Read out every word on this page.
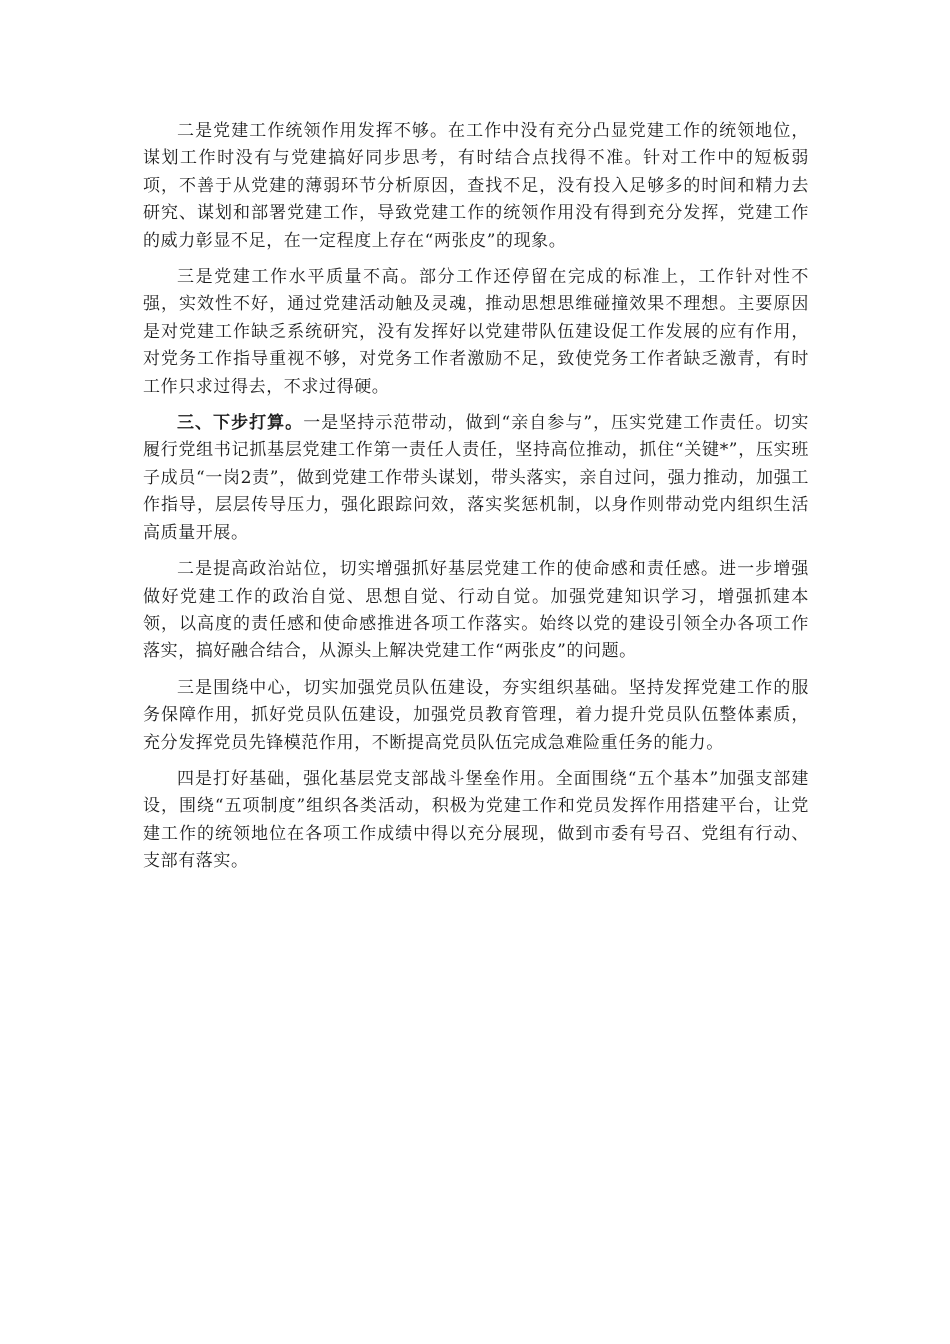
二是党建工作统领作用发挥不够。在工作中没有充分凸显党建工作的统领地位，谋划工作时没有与党建搞好同步思考，有时结合点找得不准。针对工作中的短板弱项，不善于从党建的薄弱环节分析原因，查找不足，没有投入足够多的时间和精力去研究、谋划和部署党建工作，导致党建工作的统领作用没有得到充分发挥，党建工作的威力彰显不足，在一定程度上存在“两张皮”的现象。

三是党建工作水平质量不高。部分工作还停留在完成的标准上，工作针对性不强，实效性不好，通过党建活动触及灵魂，推动思想思维碰撞效果不理想。主要原因是对党建工作缺乏系统研究，没有发挥好以党建带队伍建设促工作发展的应有作用，对党务工作指导重视不够，对党务工作者激励不足，致使党务工作者缺乏激青，有时工作只求过得去，不求过得硬。

三、下步打算。一是坚持示范带动，做到“亲自参与”，压实党建工作责任。切实履行党组书记抓基层党建工作第一责任人责任，坚持高位推动，抓住“关键*”，压实班子成员“一岗2责”，做到党建工作带头谋划，带头落实，亲自过问，强力推动，加强工作指导，层层传导压力，强化跟踪问效，落实奖惩机制，以身作则带动党内组织生活高质量开展。

二是提高政治站位，切实增强抓好基层党建工作的使命感和责任感。进一步增强做好党建工作的政治自觉、思想自觉、行动自觉。加强党建知识学习，增强抓建本领，以高度的责任感和使命感推进各项工作落实。始终以党的建设引领全办各项工作落实，搞好融合结合，从源头上解决党建工作“两张皮”的问题。

三是围绕中心，切实加强党员队伍建设，夯实组织基础。坚持发挥党建工作的服务保障作用，抓好党员队伍建设，加强党员教育管理，着力提升党员队伍整体素质，充分发挥党员先锋模范作用，不断提高党员队伍完成急难险重任务的能力。

四是打好基础，强化基层党支部战斗堡垒作用。全面围绕“五个基本”加强支部建设，围绕“五项制度”组织各类活动，积极为党建工作和党员发挥作用搭建平台，让党建工作的统领地位在各项工作成绩中得以充分展现，做到市委有号召、党组有行动、支部有落实。
